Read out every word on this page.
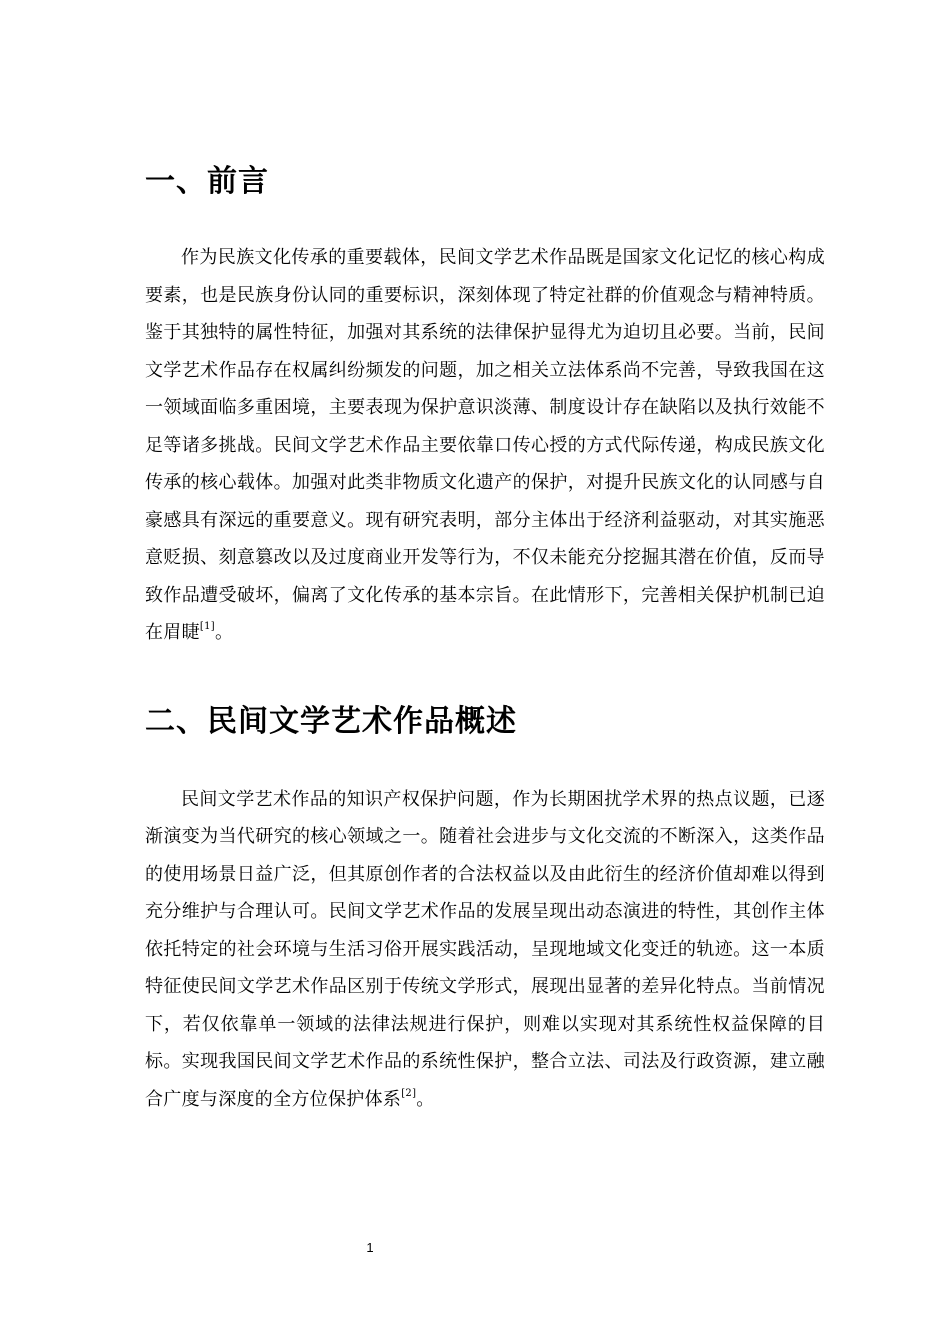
一、前言

作为民族文化传承的重要载体，民间文学艺术作品既是国家文化记忆的核心构成要素，也是民族身份认同的重要标识，深刻体现了特定社群的价值观念与精神特质。鉴于其独特的属性特征，加强对其系统的法律保护显得尤为迫切且必要。当前，民间文学艺术作品存在权属纠纷频发的问题，加之相关立法体系尚不完善，导致我国在这一领域面临多重困境，主要表现为保护意识淡薄、制度设计存在缺陷以及执行效能不足等诸多挑战。民间文学艺术作品主要依靠口传心授的方式代际传递，构成民族文化传承的核心载体。加强对此类非物质文化遗产的保护，对提升民族文化的认同感与自豪感具有深远的重要意义。现有研究表明，部分主体出于经济利益驱动，对其实施恶意贬损、刻意篡改以及过度商业开发等行为，不仅未能充分挖掘其潜在价值，反而导致作品遭受破坏，偏离了文化传承的基本宗旨。在此情形下，完善相关保护机制已迫在眉睫[1]。

二、民间文学艺术作品概述

民间文学艺术作品的知识产权保护问题，作为长期困扰学术界的热点议题，已逐渐演变为当代研究的核心领域之一。随着社会进步与文化交流的不断深入，这类作品的使用场景日益广泛，但其原创作者的合法权益以及由此衍生的经济价值却难以得到充分维护与合理认可。民间文学艺术作品的发展呈现出动态演进的特性，其创作主体依托特定的社会环境与生活习俗开展实践活动，呈现地域文化变迁的轨迹。这一本质特征使民间文学艺术作品区别于传统文学形式，展现出显著的差异化特点。当前情况下，若仅依靠单一领域的法律法规进行保护，则难以实现对其系统性权益保障的目标。实现我国民间文学艺术作品的系统性保护，整合立法、司法及行政资源，建立融合广度与深度的全方位保护体系[2]。

1
